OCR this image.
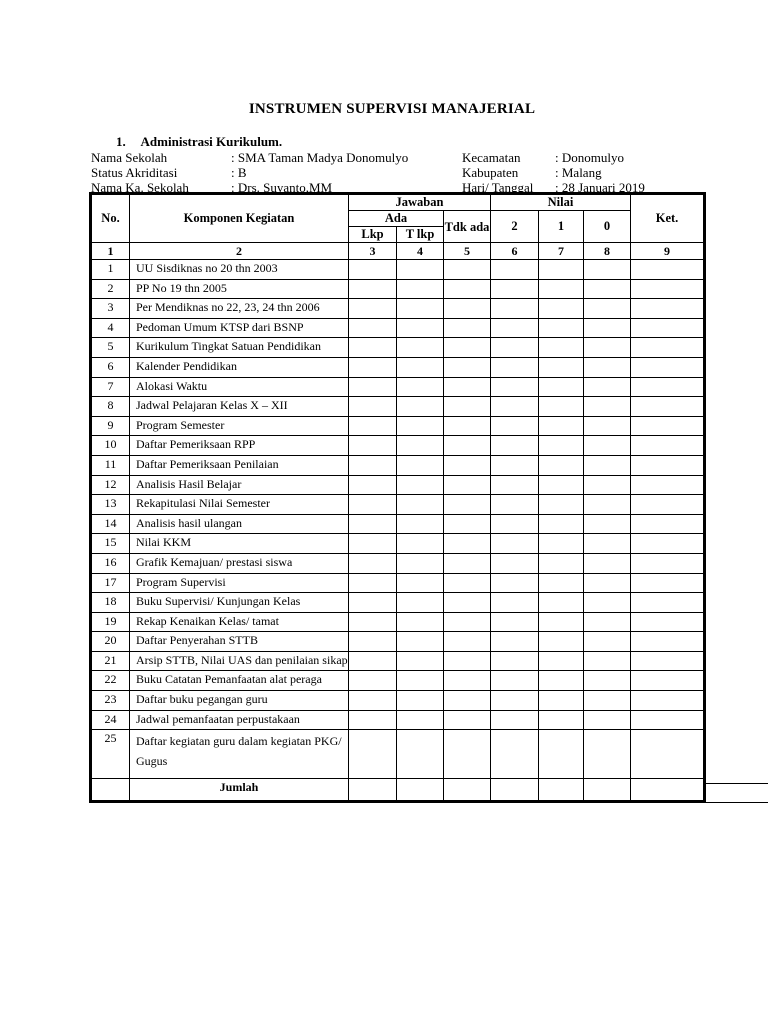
INSTRUMEN SUPERVISI MANAJERIAL
1. Administrasi Kurikulum.
Nama Sekolah	: SMA Taman Madya Donomulyo
Status Akriditasi	: B
Nama Ka. Sekolah	: Drs. Suyanto,MM
Kecamatan	: Donomulyo
Kabupaten	: Malang
Hari/ Tanggal : 28 Januari 2019
No.	Komponen Kegiatan	Jawaban			Nilai			Ket.
		Ada		Tdk ada	2	1	0	
		Lkp	T lkp					
1	2	3	4	5	6	7	8	9
1	UU Sisdiknas no 20 thn 2003							
2	PP No 19 thn 2005							
3	Per Mendiknas no 22, 23, 24 thn 2006							
4	Pedoman Umum KTSP dari BSNP							
5	Kurikulum Tingkat Satuan Pendidikan							
6	Kalender Pendidikan							
7	Alokasi Waktu							
8	Jadwal Pelajaran Kelas X – XII							
9	Program Semester							
10	Daftar Pemeriksaan RPP							
11	Daftar Pemeriksaan Penilaian							
12	Analisis Hasil Belajar							
13	Rekapitulasi Nilai Semester							
14	Analisis hasil ulangan							
15	Nilai KKM							
16	Grafik Kemajuan/ prestasi siswa							
17	Program Supervisi							
18	Buku Supervisi/ Kunjungan Kelas							
19	Rekap Kenaikan Kelas/ tamat							
20	Daftar Penyerahan STTB							
21	Arsip STTB, Nilai UAS dan penilaian sikap							
22	Buku Catatan Pemanfaatan alat peraga							
23	Daftar buku pegangan guru							
24	Jadwal pemanfaatan perpustakaan							
25	Daftar kegiatan guru dalam kegiatan PKG/ Gugus							
	Jumlah							
